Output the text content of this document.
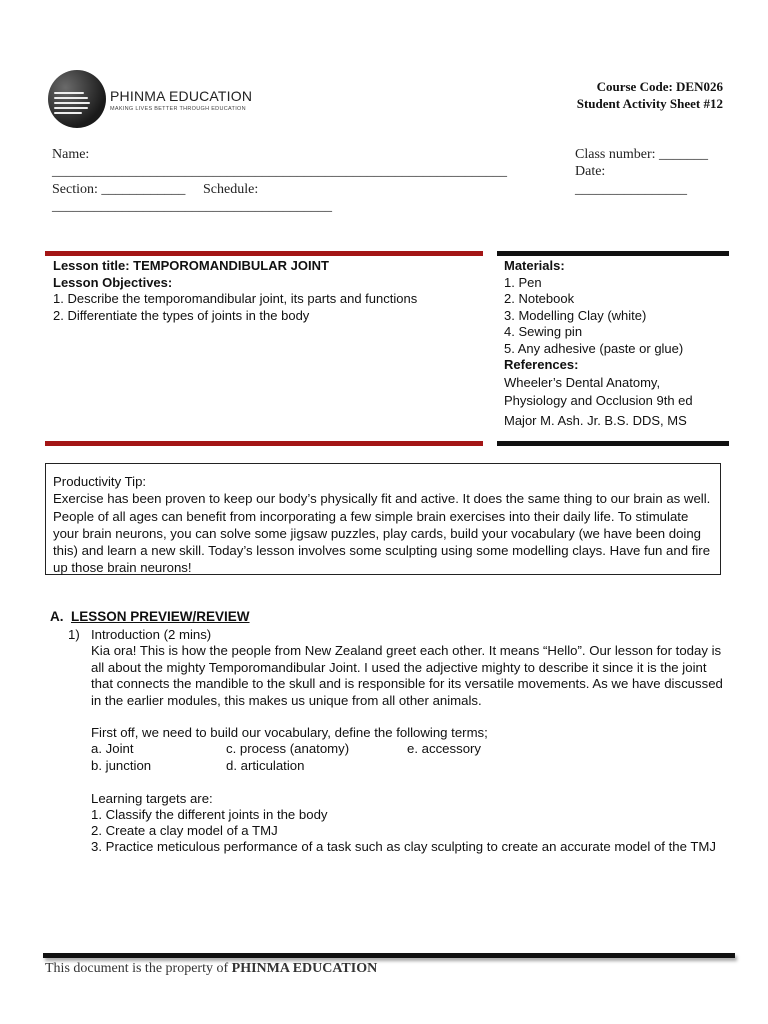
PHINMA EDUCATION
MAKING LIVES BETTER THROUGH EDUCATION
Course Code: DEN026
Student Activity Sheet #12
Name:
_________________________________________________________________
Section: ____________ Schedule:
________________________________________
Class number: _______
Date:
________________
Lesson title: TEMPOROMANDIBULAR JOINT
Lesson Objectives:
1. Describe the temporomandibular joint, its parts and functions
2. Differentiate the types of joints in the body
Materials:
1. Pen
2. Notebook
3. Modelling Clay (white)
4. Sewing pin
5. Any adhesive (paste or glue)
References:
Wheeler’s Dental Anatomy,
Physiology and Occlusion 9th ed
Major M. Ash. Jr. B.S. DDS, MS
Productivity Tip:
Exercise has been proven to keep our body’s physically fit and active. It does the same thing to our brain as well. People of all ages can benefit from incorporating a few simple brain exercises into their daily life. To stimulate your brain neurons, you can solve some jigsaw puzzles, play cards, build your vocabulary (we have been doing this) and learn a new skill. Today’s lesson involves some sculpting using some modelling clays. Have fun and fire up those brain neurons!
A. LESSON PREVIEW/REVIEW
1) Introduction (2 mins)
Kia ora! This is how the people from New Zealand greet each other. It means “Hello”. Our lesson for today is all about the mighty Temporomandibular Joint. I used the adjective mighty to describe it since it is the joint that connects the mandible to the skull and is responsible for its versatile movements. As we have discussed in the earlier modules, this makes us unique from all other animals.
First off, we need to build our vocabulary, define the following terms;
a. Joint	c. process (anatomy)	e. accessory
b. junction	d. articulation
Learning targets are:
1. Classify the different joints in the body
2. Create a clay model of a TMJ
3. Practice meticulous performance of a task such as clay sculpting to create an accurate model of the TMJ
This document is the property of PHINMA EDUCATION
